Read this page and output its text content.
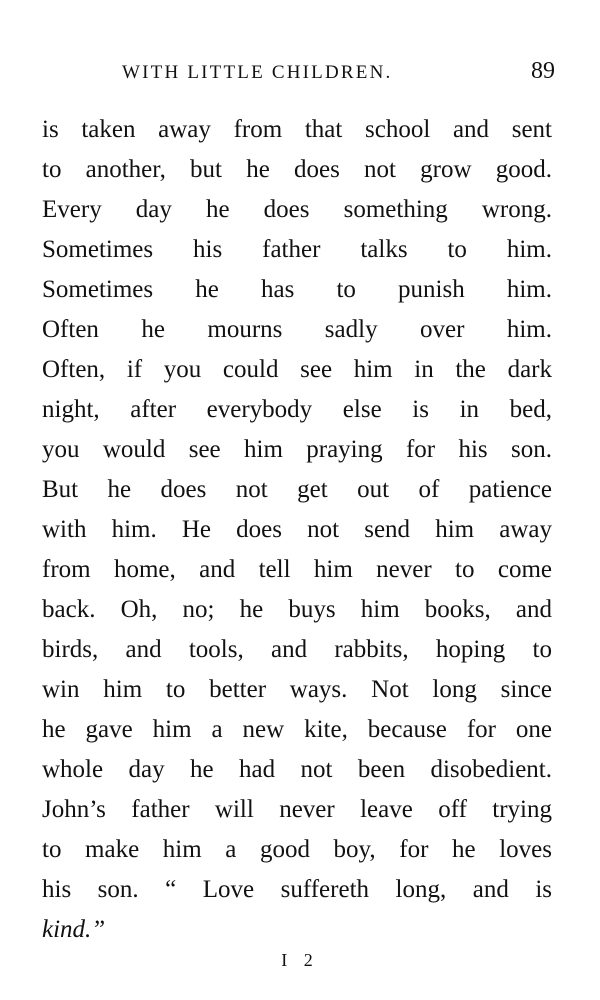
WITH LITTLE CHILDREN.	89
is taken away from that school and sent
to another, but he does not grow good.
Every day he does something wrong.
Sometimes his father talks to him.
Sometimes he has to punish him.
Often he mourns sadly over him.
Often, if you could see him in the dark
night, after everybody else is in bed,
you would see him praying for his son.
But he does not get out of patience
with him. He does not send him away
from home, and tell him never to come
back. Oh, no; he buys him books, and
birds, and tools, and rabbits, hoping to
win him to better ways. Not long since
he gave him a new kite, because for one
whole day he had not been disobedient.
John’s father will never leave off trying
to make him a good boy, for he loves
his son. “ Love suffereth long, and is
kind.”
I 2
